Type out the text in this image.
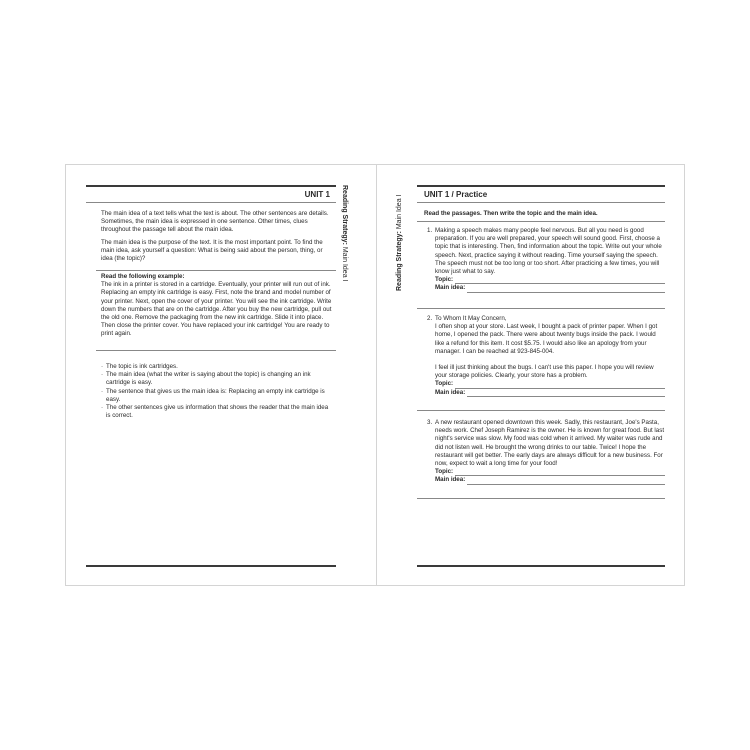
UNIT 1 Reading Strategy: Main Idea I

The main idea of a text tells what the text is about. The other sentences are details. Sometimes, the main idea is expressed in one sentence. Other times, clues throughout the passage tell about the main idea.

The main idea is the purpose of the text. It is the most important point. To find the main idea, ask yourself a question: What is being said about the person, thing, or idea (the topic)?

Read the following example:
The ink in a printer is stored in a cartridge. Eventually, your printer will run out of ink. Replacing an empty ink cartridge is easy. First, note the brand and model number of your printer. Next, open the cover of your printer. You will see the ink cartridge. Write down the numbers that are on the cartridge. After you buy the new cartridge, pull out the old one. Remove the packaging from the new ink cartridge. Slide it into place. Then close the printer cover. You have replaced your ink cartridge! You are ready to print again.
· The topic is ink cartridges.
· The main idea (what the writer is saying about the topic) is changing an ink cartridge is easy.
· The sentence that gives us the main idea is: Replacing an empty ink cartridge is easy.
· The other sentences give us information that shows the reader that the main idea is correct.
Reading Strategy: Main Idea I
UNIT 1 / Practice
Read the passages. Then write the topic and the main idea.
1. Making a speech makes many people feel nervous. But all you need is good preparation. If you are well prepared, your speech will sound good. First, choose a topic that is interesting. Then, find information about the topic. Write out your whole speech. Next, practice saying it without reading. Time yourself saying the speech. The speech must not be too long or too short. After practicing a few times, you will know just what to say.
Topic:
Main idea:
2. To Whom It May Concern,
I often shop at your store. Last week, I bought a pack of printer paper. When I got home, I opened the pack. There were about twenty bugs inside the pack. I would like a refund for this item. It cost $5.75. I would also like an apology from your manager. I can be reached at 923-845-004.
I feel ill just thinking about the bugs. I can't use this paper. I hope you will review your storage policies. Clearly, your store has a problem.
Topic:
Main idea:
3. A new restaurant opened downtown this week. Sadly, this restaurant, Joe's Pasta, needs work. Chef Joseph Ramirez is the owner. He is known for great food. But last night's service was slow. My food was cold when it arrived. My waiter was rude and did not listen well. He brought the wrong drinks to our table. Twice! I hope the restaurant will get better. The early days are always difficult for a new business. For now, expect to wait a long time for your food!
Topic:
Main idea:
